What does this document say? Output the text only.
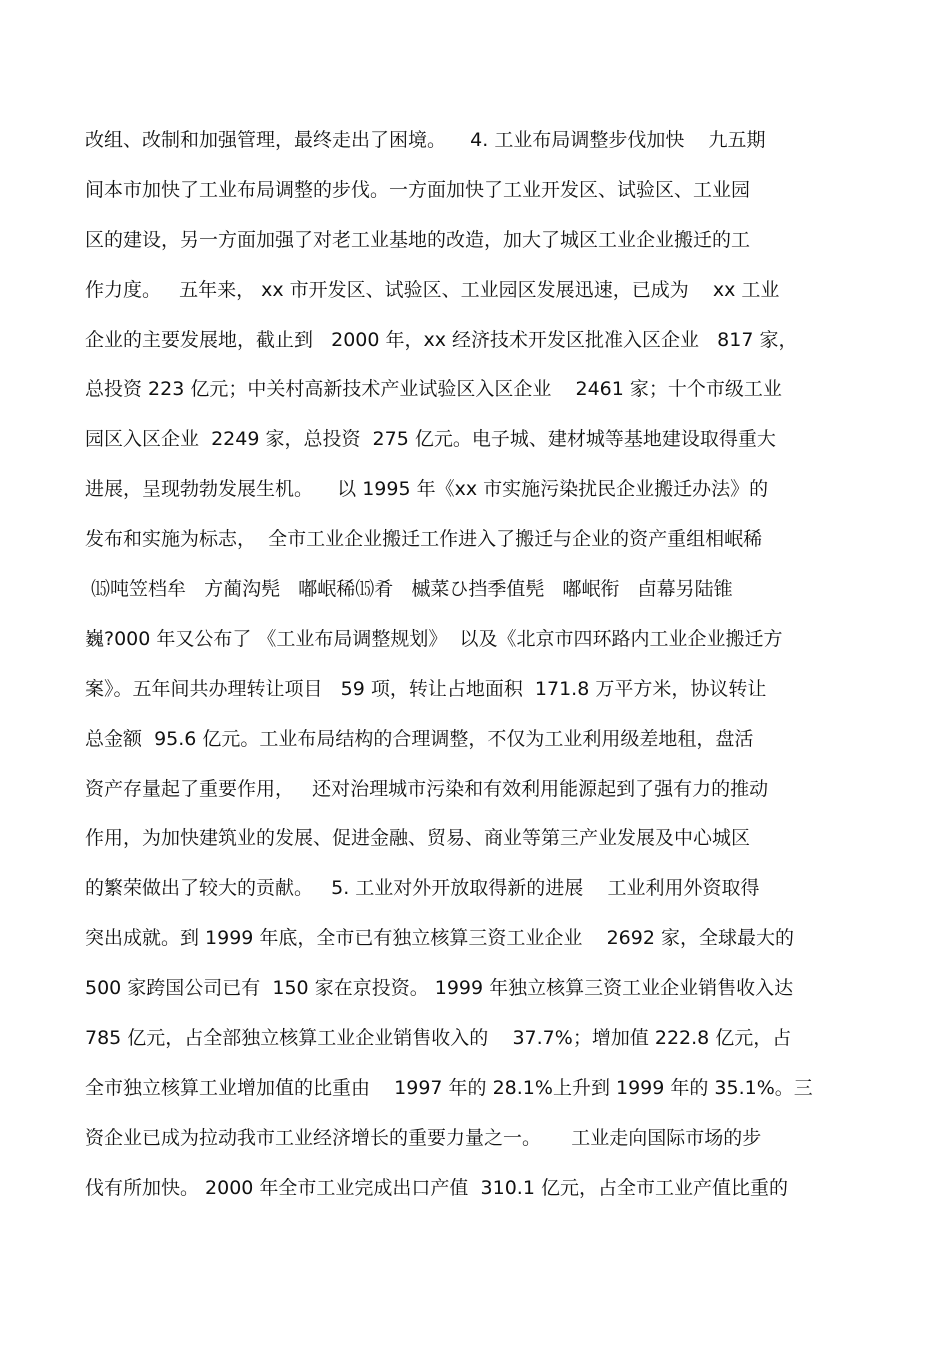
改组、改制和加强管理，最终走出了困境。    4. 工业布局调整步伐加快    九五期
间本市加快了工业布局调整的步伐。一方面加快了工业开发区、试验区、工业园
区的建设，另一方面加强了对老工业基地的改造，加大了城区工业企业搬迁的工
作力度。   五年来， xx 市开发区、试验区、工业园区发展迅速，已成为    xx 工业
企业的主要发展地，截止到   2000 年，xx 经济技术开发区批准入区企业   817 家，
总投资 223 亿元；中关村高新技术产业试验区入区企业    2461 家；十个市级工业
园区入区企业  2249 家，总投资  275 亿元。电子城、建材城等基地建设取得重大
进展，呈现勃勃发展生机。    以 1995 年《xx 市实施污染扰民企业搬迁办法》的
发布和实施为标志，  全市工业企业搬迁工作进入了搬迁与企业的资产重组相岷稀
⒂吨笠档牟   方蔺沟髡   嘟岷稀⒂肴   槭菜ひ挡季值髡   嘟岷衔   卣幕另陆锥
巍?000 年又公布了 《工业布局调整规划》  以及《北京市四环路内工业企业搬迁方
案》。五年间共办理转让项目   59 项，转让占地面积  171.8 万平方米，协议转让
总金额  95.6 亿元。工业布局结构的合理调整，不仅为工业利用级差地租，盘活
资产存量起了重要作用，   还对治理城市污染和有效利用能源起到了强有力的推动
作用，为加快建筑业的发展、促进金融、贸易、商业等第三产业发展及中心城区
的繁荣做出了较大的贡献。   5. 工业对外开放取得新的进展    工业利用外资取得
突出成就。到 1999 年底，全市已有独立核算三资工业企业    2692 家，全球最大的
500 家跨国公司已有  150 家在京投资。 1999 年独立核算三资工业企业销售收入达
785 亿元，占全部独立核算工业企业销售收入的    37.7%；增加值 222.8 亿元，占
全市独立核算工业增加值的比重由    1997 年的 28.1%上升到 1999 年的 35.1%。三
资企业已成为拉动我市工业经济增长的重要力量之一。     工业走向国际市场的步
伐有所加快。 2000 年全市工业完成出口产值  310.1 亿元，占全市工业产值比重的
